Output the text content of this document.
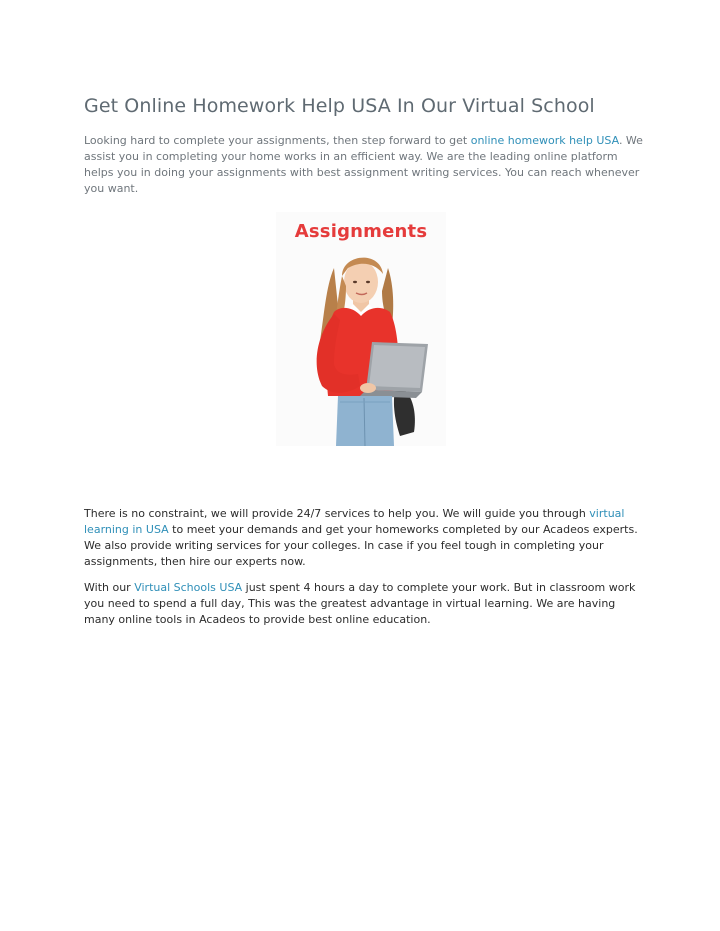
Get Online Homework Help USA In Our Virtual School

Looking hard to complete your assignments, then step forward to get online homework help USA. We assist you in completing your home works in an efficient way. We are the leading online platform helps you in doing your assignments with best assignment writing services. You can reach whenever you want.

Assignments

There is no constraint, we will provide 24/7 services to help you. We will guide you through virtual learning in USA to meet your demands and get your homeworks completed by our Acadeos experts. We also provide writing services for your colleges. In case if you feel tough in completing your assignments, then hire our experts now.

With our Virtual Schools USA just spent 4 hours a day to complete your work. But in classroom work you need to spend a full day, This was the greatest advantage in virtual learning. We are having many online tools in Acadeos to provide best online education.
